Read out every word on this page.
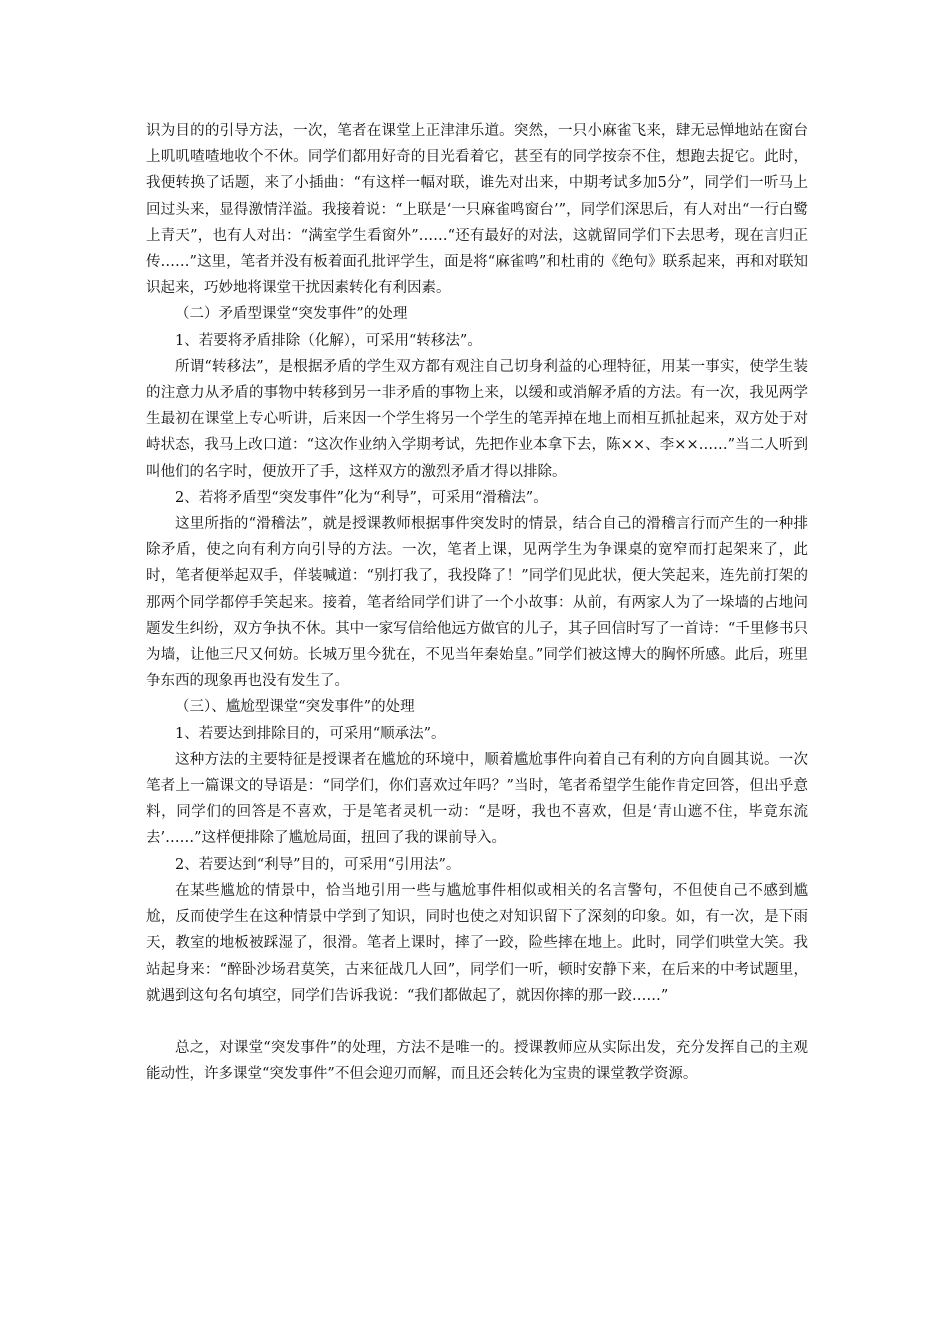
识为目的的引导方法，一次，笔者在课堂上正津津乐道。突然，一只小麻雀飞来，肆无忌惮地站在窗台上叽叽喳喳地收个不休。同学们都用好奇的目光看着它，甚至有的同学按奈不住，想跑去捉它。此时，我便转换了话题，来了小插曲：“有这样一幅对联，谁先对出来，中期考试多加5分”，同学们一听马上回过头来，显得激情洋溢。我接着说：“上联是‘一只麻雀鸣窗台’”，同学们深思后，有人对出“一行白鹭上青天”，也有人对出：“满室学生看窗外”……“还有最好的对法，这就留同学们下去思考，现在言归正传……”这里，笔者并没有板着面孔批评学生，面是将“麻雀鸣”和杜甫的《绝句》联系起来，再和对联知识起来，巧妙地将课堂干扰因素转化有利因素。

（二）矛盾型课堂“突发事件”的处理

1、若要将矛盾排除（化解），可采用“转移法”。

所谓“转移法”，是根据矛盾的学生双方都有观注自己切身利益的心理特征，用某一事实，使学生装的注意力从矛盾的事物中转移到另一非矛盾的事物上来，以缓和或消解矛盾的方法。有一次，我见两学生最初在课堂上专心听讲，后来因一个学生将另一个学生的笔弄掉在地上而相互抓扯起来，双方处于对峙状态，我马上改口道：“这次作业纳入学期考试，先把作业本拿下去，陈××、李××……”当二人听到叫他们的名字时，便放开了手，这样双方的激烈矛盾才得以排除。

2、若将矛盾型“突发事件”化为“利导”，可采用“滑稽法”。

这里所指的“滑稽法”，就是授课教师根据事件突发时的情景，结合自己的滑稽言行而产生的一种排除矛盾，使之向有利方向引导的方法。一次，笔者上课，见两学生为争课桌的宽窄而打起架来了，此时，笔者便举起双手，佯装喊道：“别打我了，我投降了！”同学们见此状，便大笑起来，连先前打架的那两个同学都停手笑起来。接着，笔者给同学们讲了一个小故事：从前，有两家人为了一垛墙的占地问题发生纠纷，双方争执不休。其中一家写信给他远方做官的儿子，其子回信时写了一首诗：“千里修书只为墙，让他三尺又何妨。长城万里今犹在，不见当年秦始皇。”同学们被这博大的胸怀所感。此后，班里争东西的现象再也没有发生了。

（三）、尴尬型课堂“突发事件”的处理

1、若要达到排除目的，可采用“顺承法”。

这种方法的主要特征是授课者在尴尬的环境中，顺着尴尬事件向着自己有利的方向自圆其说。一次笔者上一篇课文的导语是：“同学们，你们喜欢过年吗？”当时，笔者希望学生能作肯定回答，但出乎意料，同学们的回答是不喜欢，于是笔者灵机一动：“是呀，我也不喜欢，但是‘青山遮不住，毕竟东流去’……”这样便排除了尴尬局面，扭回了我的课前导入。

2、若要达到“利导”目的，可采用“引用法”。

在某些尴尬的情景中，恰当地引用一些与尴尬事件相似或相关的名言警句，不但使自己不感到尴尬，反而使学生在这种情景中学到了知识，同时也使之对知识留下了深刻的印象。如，有一次，是下雨天，教室的地板被踩湿了，很滑。笔者上课时，摔了一跤，险些摔在地上。此时，同学们哄堂大笑。我站起身来：“醉卧沙场君莫笑，古来征战几人回”，同学们一听，顿时安静下来，在后来的中考试题里，就遇到这句名句填空，同学们告诉我说：“我们都做起了，就因你摔的那一跤……”

总之，对课堂“突发事件”的处理，方法不是唯一的。授课教师应从实际出发，充分发挥自己的主观能动性，许多课堂“突发事件”不但会迎刃而解，而且还会转化为宝贵的课堂教学资源。
